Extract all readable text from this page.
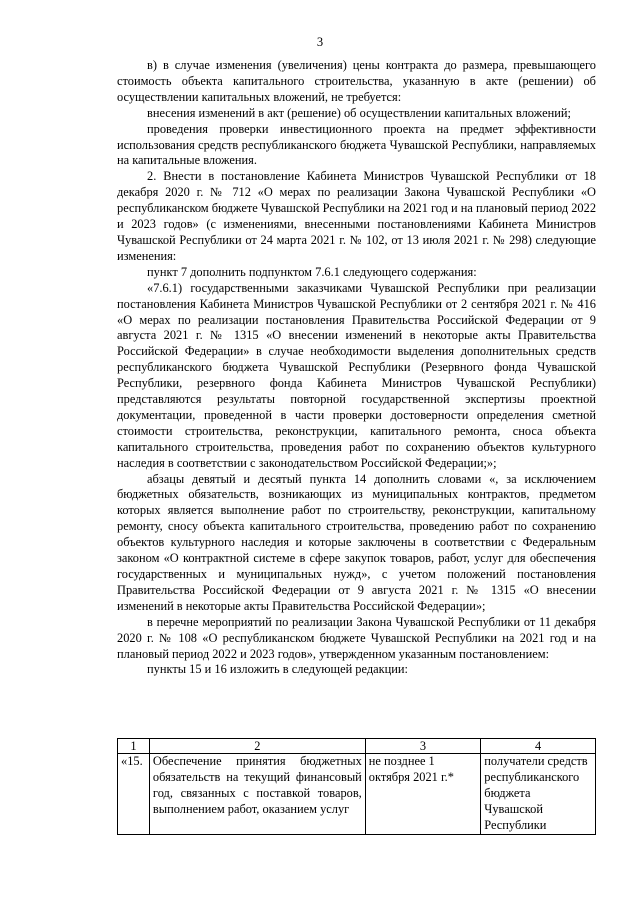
3

в) в случае изменения (увеличения) цены контракта до размера, превышающего стоимость объекта капитального строительства, указанную в акте (решении) об осуществлении капитальных вложений, не требуется:

внесения изменений в акт (решение) об осуществлении капитальных вложений;

проведения проверки инвестиционного проекта на предмет эффективности использования средств республиканского бюджета Чувашской Республики, направляемых на капитальные вложения.

2. Внести в постановление Кабинета Министров Чувашской Республики от 18 декабря 2020 г. № 712 «О мерах по реализации Закона Чувашской Республики «О республиканском бюджете Чувашской Республики на 2021 год и на плановый период 2022 и 2023 годов» (с изменениями, внесенными постановлениями Кабинета Министров Чувашской Республики от 24 марта 2021 г. № 102, от 13 июля 2021 г. № 298) следующие изменения:

пункт 7 дополнить подпунктом 7.6.1 следующего содержания:

«7.6.1) государственными заказчиками Чувашской Республики при реализации постановления Кабинета Министров Чувашской Республики от 2 сентября 2021 г. № 416 «О мерах по реализации постановления Правительства Российской Федерации от 9 августа 2021 г. № 1315 «О внесении изменений в некоторые акты Правительства Российской Федерации» в случае необходимости выделения дополнительных средств республиканского бюджета Чувашской Республики (Резервного фонда Чувашской Республики, резервного фонда Кабинета Министров Чувашской Республики) представляются результаты повторной государственной экспертизы проектной документации, проведенной в части проверки достоверности определения сметной стоимости строительства, реконструкции, капитального ремонта, сноса объекта капитального строительства, проведения работ по сохранению объектов культурного наследия в соответствии с законодательством Российской Федерации;»;

абзацы девятый и десятый пункта 14 дополнить словами «, за исключением бюджетных обязательств, возникающих из муниципальных контрактов, предметом которых является выполнение работ по строительству, реконструкции, капитальному ремонту, сносу объекта капитального строительства, проведению работ по сохранению объектов культурного наследия и которые заключены в соответствии с Федеральным законом «О контрактной системе в сфере закупок товаров, работ, услуг для обеспечения государственных и муниципальных нужд», с учетом положений постановления Правительства Российской Федерации от 9 августа 2021 г. № 1315 «О внесении изменений в некоторые акты Правительства Российской Федерации»;

в перечне мероприятий по реализации Закона Чувашской Республики от 11 декабря 2020 г. № 108 «О республиканском бюджете Чувашской Республики на 2021 год и на плановый период 2022 и 2023 годов», утвержденном указанным постановлением:

пункты 15 и 16 изложить в следующей редакции:

1	2	3	4
«15.	Обеспечение принятия бюджетных обязательств на текущий финансовый год, связанных с поставкой товаров, выполнением работ, оказанием услуг	не позднее 1 октября 2021 г.*	получатели средств республиканского бюджета Чувашской Республики
